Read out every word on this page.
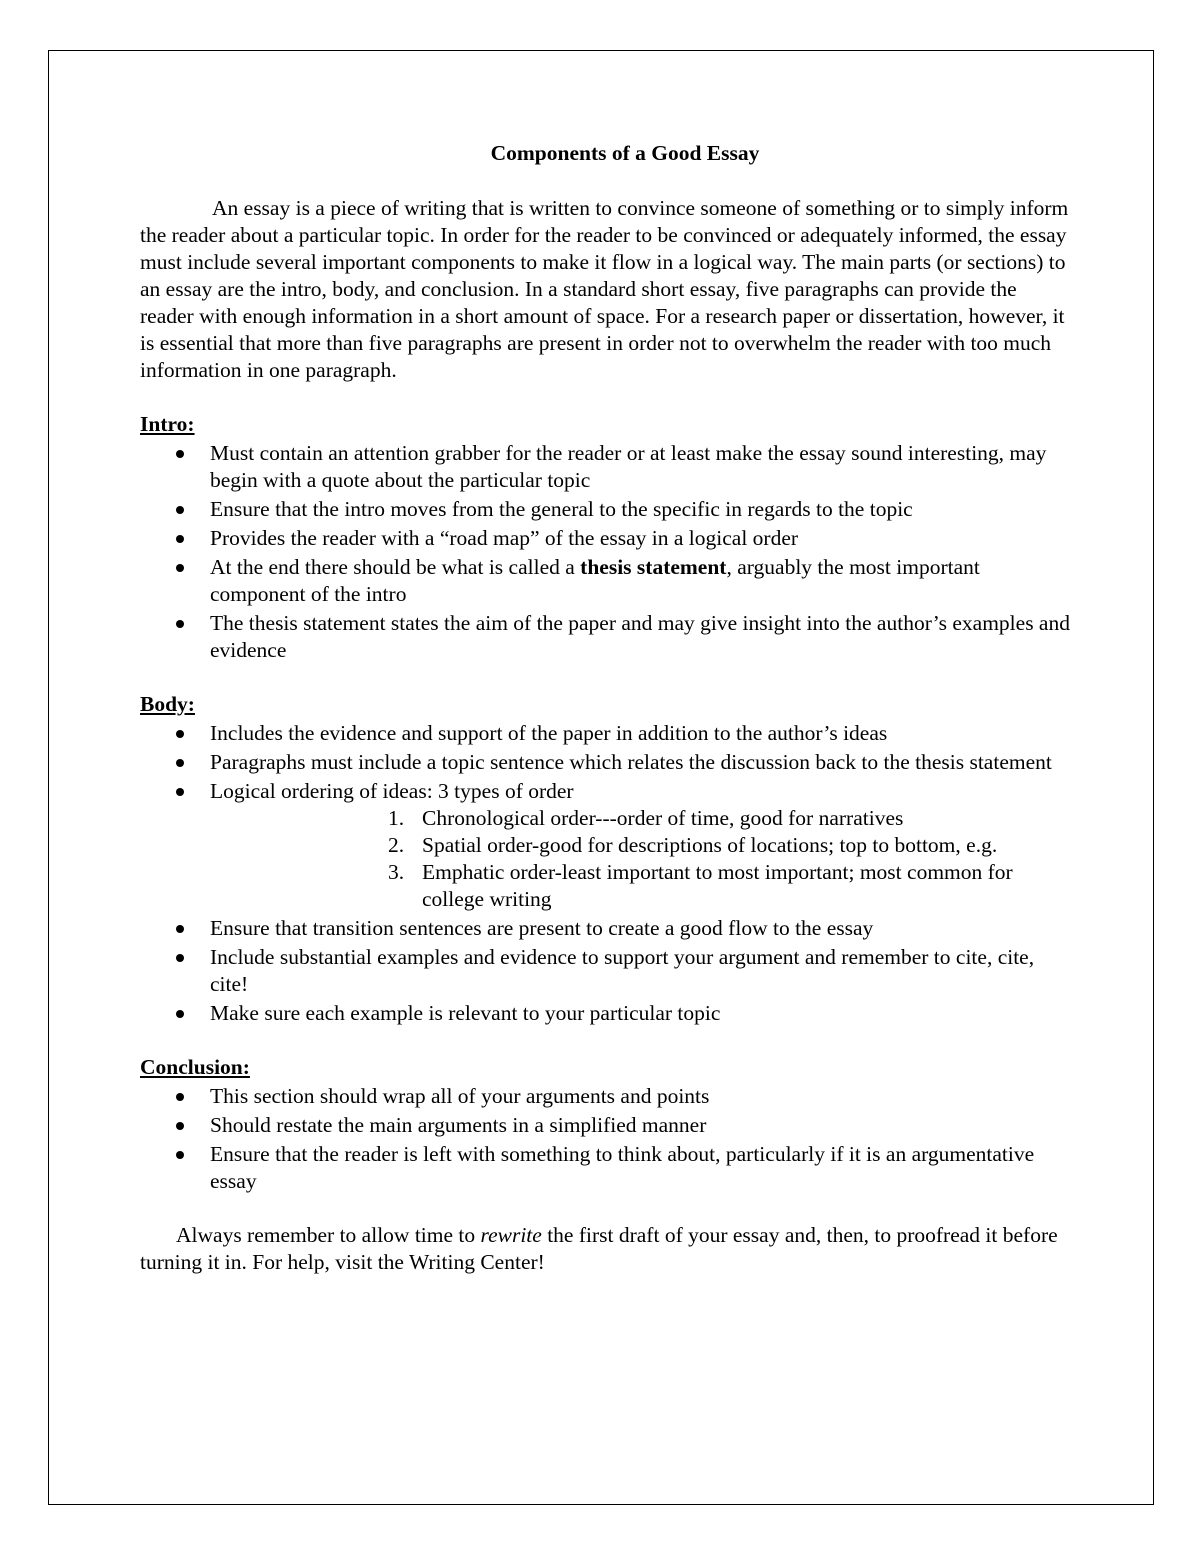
Components of a Good Essay

An essay is a piece of writing that is written to convince someone of something or to simply inform the reader about a particular topic. In order for the reader to be convinced or adequately informed, the essay must include several important components to make it flow in a logical way. The main parts (or sections) to an essay are the intro, body, and conclusion. In a standard short essay, five paragraphs can provide the reader with enough information in a short amount of space. For a research paper or dissertation, however, it is essential that more than five paragraphs are present in order not to overwhelm the reader with too much information in one paragraph.

Intro:

Must contain an attention grabber for the reader or at least make the essay sound interesting, may begin with a quote about the particular topic
Ensure that the intro moves from the general to the specific in regards to the topic
Provides the reader with a “road map” of the essay in a logical order
At the end there should be what is called a thesis statement, arguably the most important component of the intro
The thesis statement states the aim of the paper and may give insight into the author’s examples and evidence

Body:

Includes the evidence and support of the paper in addition to the author’s ideas
Paragraphs must include a topic sentence which relates the discussion back to the thesis statement
Logical ordering of ideas: 3 types of order
1. Chronological order---order of time, good for narratives
2. Spatial order-good for descriptions of locations; top to bottom, e.g.
3. Emphatic order-least important to most important; most common for college writing
Ensure that transition sentences are present to create a good flow to the essay
Include substantial examples and evidence to support your argument and remember to cite, cite, cite!
Make sure each example is relevant to your particular topic

Conclusion:

This section should wrap all of your arguments and points
Should restate the main arguments in a simplified manner
Ensure that the reader is left with something to think about, particularly if it is an argumentative essay

Always remember to allow time to rewrite the first draft of your essay and, then, to proofread it before turning it in. For help, visit the Writing Center!
